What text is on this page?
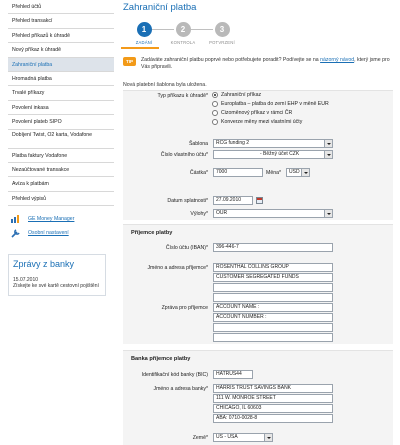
Přehled účtů
Přehled transakcí
Přehled příkazů k úhradě
Nový příkaz k úhradě
Zahraniční platba
Hromadná platba
Trvalé příkazy
Povolení inkasa
Povolení plateb SIPO
Dobíjení Twist, O2 karta, Vodafone
Platba faktury Vodafone
Nezaúčtované transakce
Avíza k platbám
Přehled výpisů
GE Money Manager
Osobní nastavení
Zprávy z banky
15.07.2010
Získejte ke své kartě cestovní pojištění
Zahraniční platba
1
ZADÁNÍ
2
KONTROLA
3
POTVRZENÍ
TIP	Zadáváte zahraniční platbu poprvé nebo potřebujete poradit? Podívejte se na názorný návod, který jsme pro Vás připravili.
Nová platební šablona byla uložena.
Typ příkazu k úhradě*	Zahraniční příkaz
Europlatba – platba do zemí EHP v měně EUR
Cizoměnový příkaz v rámci ČR
Konverze měny mezi vlastními účty
Šablona	RCG funding 2
Číslo vlastního účtu*	- Běžný účet CZK
Částka*	7000	Měna*	USD
Datum splatnosti*	27.09.2010
Výlohy*	OUR
Příjemce platby
Číslo účtu (IBAN)*	396-446-7
Jméno a adresa příjemce*	ROSENTHAL COLLINS GROUP
CUSTOMER SEGREGATED FUNDS
Zpráva pro příjemce	ACCOUNT NAME :
ACCOUNT NUMBER :
Banka příjemce platby
Identifikační kód banky (BIC)	HATRUS44
Jméno a adresa banky*	HARRIS TRUST SAVINGS BANK
111 W. MONROE STREET
CHICAGO, IL 60603
ABA: 0710-0028-8
Země*	US - USA
